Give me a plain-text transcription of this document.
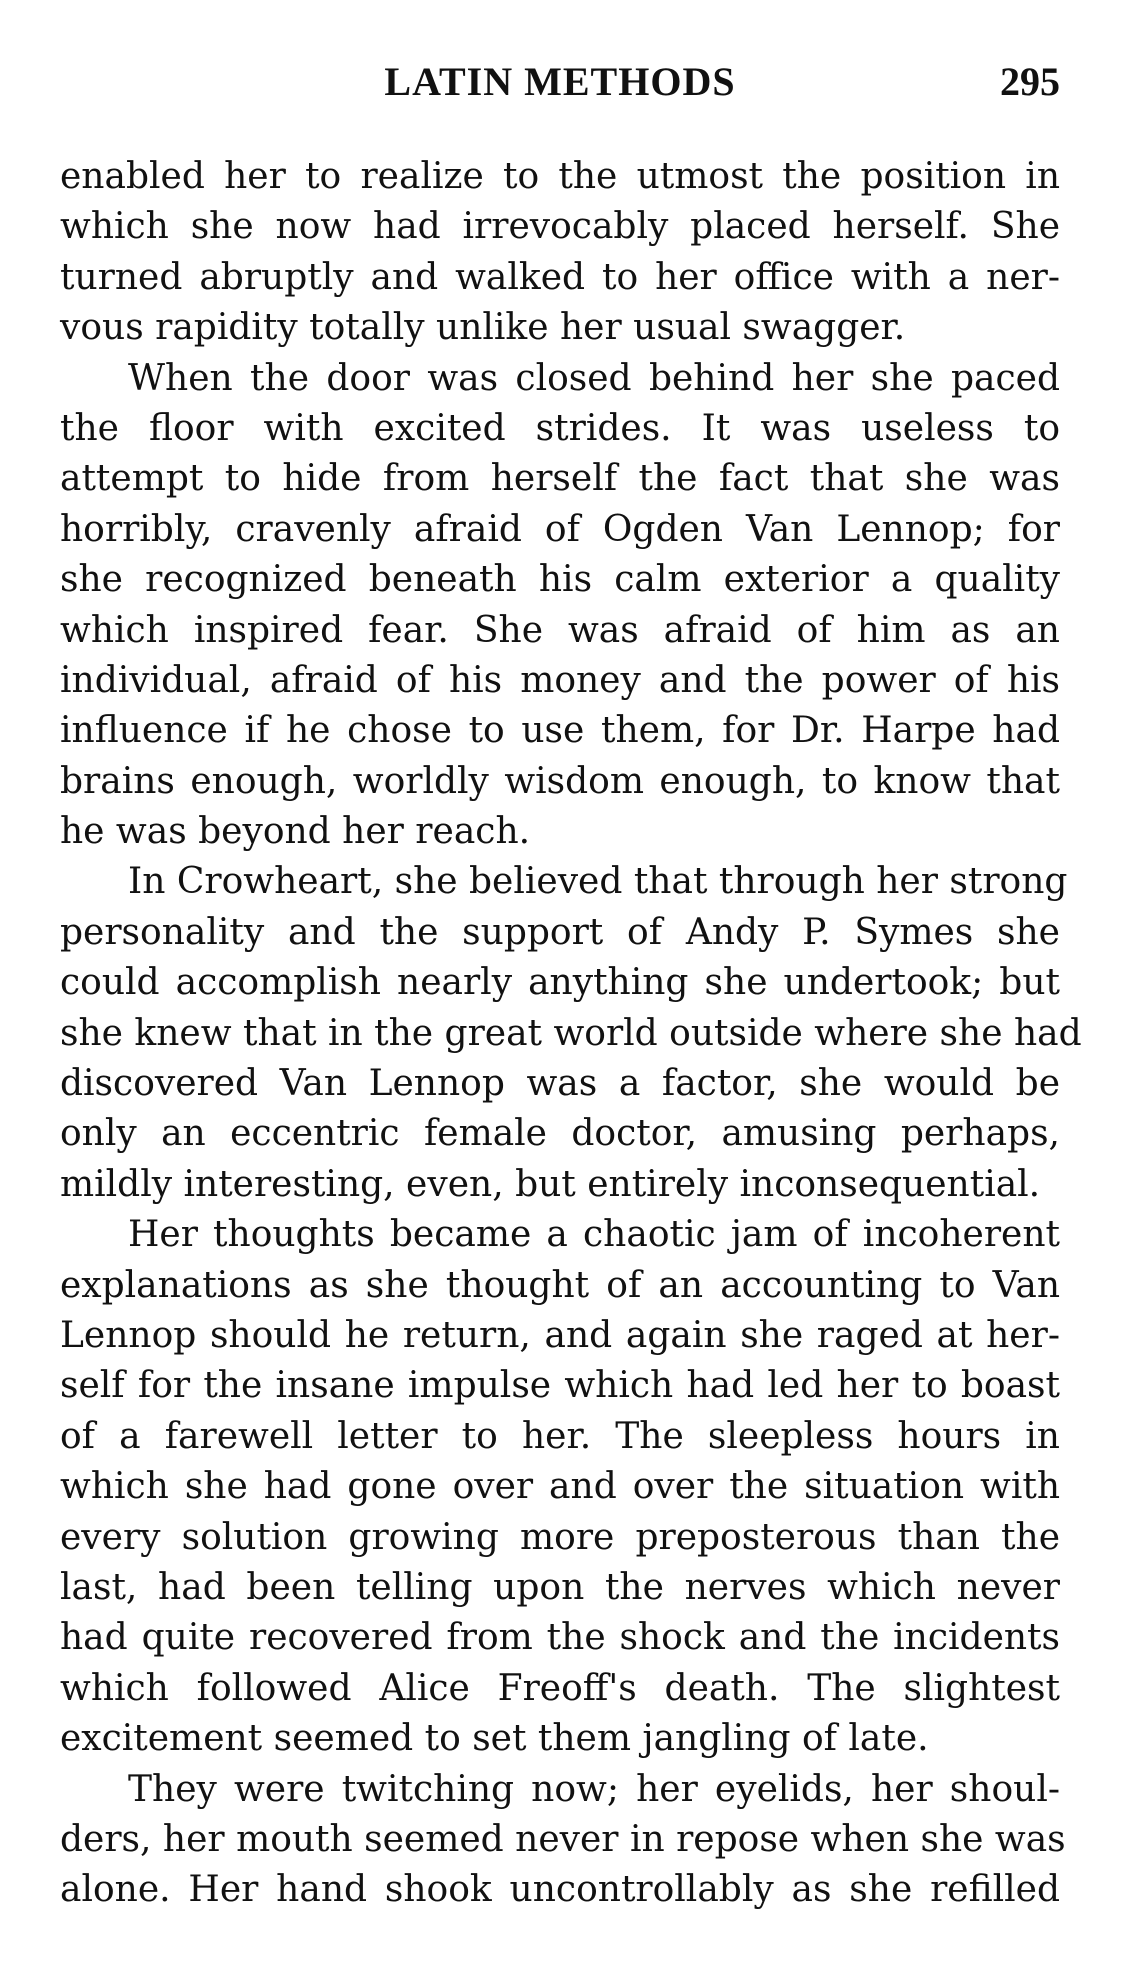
LATIN METHODS	295
enabled her to realize to the utmost the position in
which she now had irrevocably placed herself. She
turned abruptly and walked to her office with a ner-
vous rapidity totally unlike her usual swagger.
When the door was closed behind her she paced
the floor with excited strides. It was useless to
attempt to hide from herself the fact that she was
horribly, cravenly afraid of Ogden Van Lennop; for
she recognized beneath his calm exterior a quality
which inspired fear. She was afraid of him as an
individual, afraid of his money and the power of his
influence if he chose to use them, for Dr. Harpe had
brains enough, worldly wisdom enough, to know that
he was beyond her reach.
In Crowheart, she believed that through her strong
personality and the support of Andy P. Symes she
could accomplish nearly anything she undertook; but
she knew that in the great world outside where she had
discovered Van Lennop was a factor, she would be
only an eccentric female doctor, amusing perhaps,
mildly interesting, even, but entirely inconsequential.
Her thoughts became a chaotic jam of incoherent
explanations as she thought of an accounting to Van
Lennop should he return, and again she raged at her-
self for the insane impulse which had led her to boast
of a farewell letter to her. The sleepless hours in
which she had gone over and over the situation with
every solution growing more preposterous than the
last, had been telling upon the nerves which never
had quite recovered from the shock and the incidents
which followed Alice Freoff's death. The slightest
excitement seemed to set them jangling of late.
They were twitching now; her eyelids, her shoul-
ders, her mouth seemed never in repose when she was
alone. Her hand shook uncontrollably as she refilled
